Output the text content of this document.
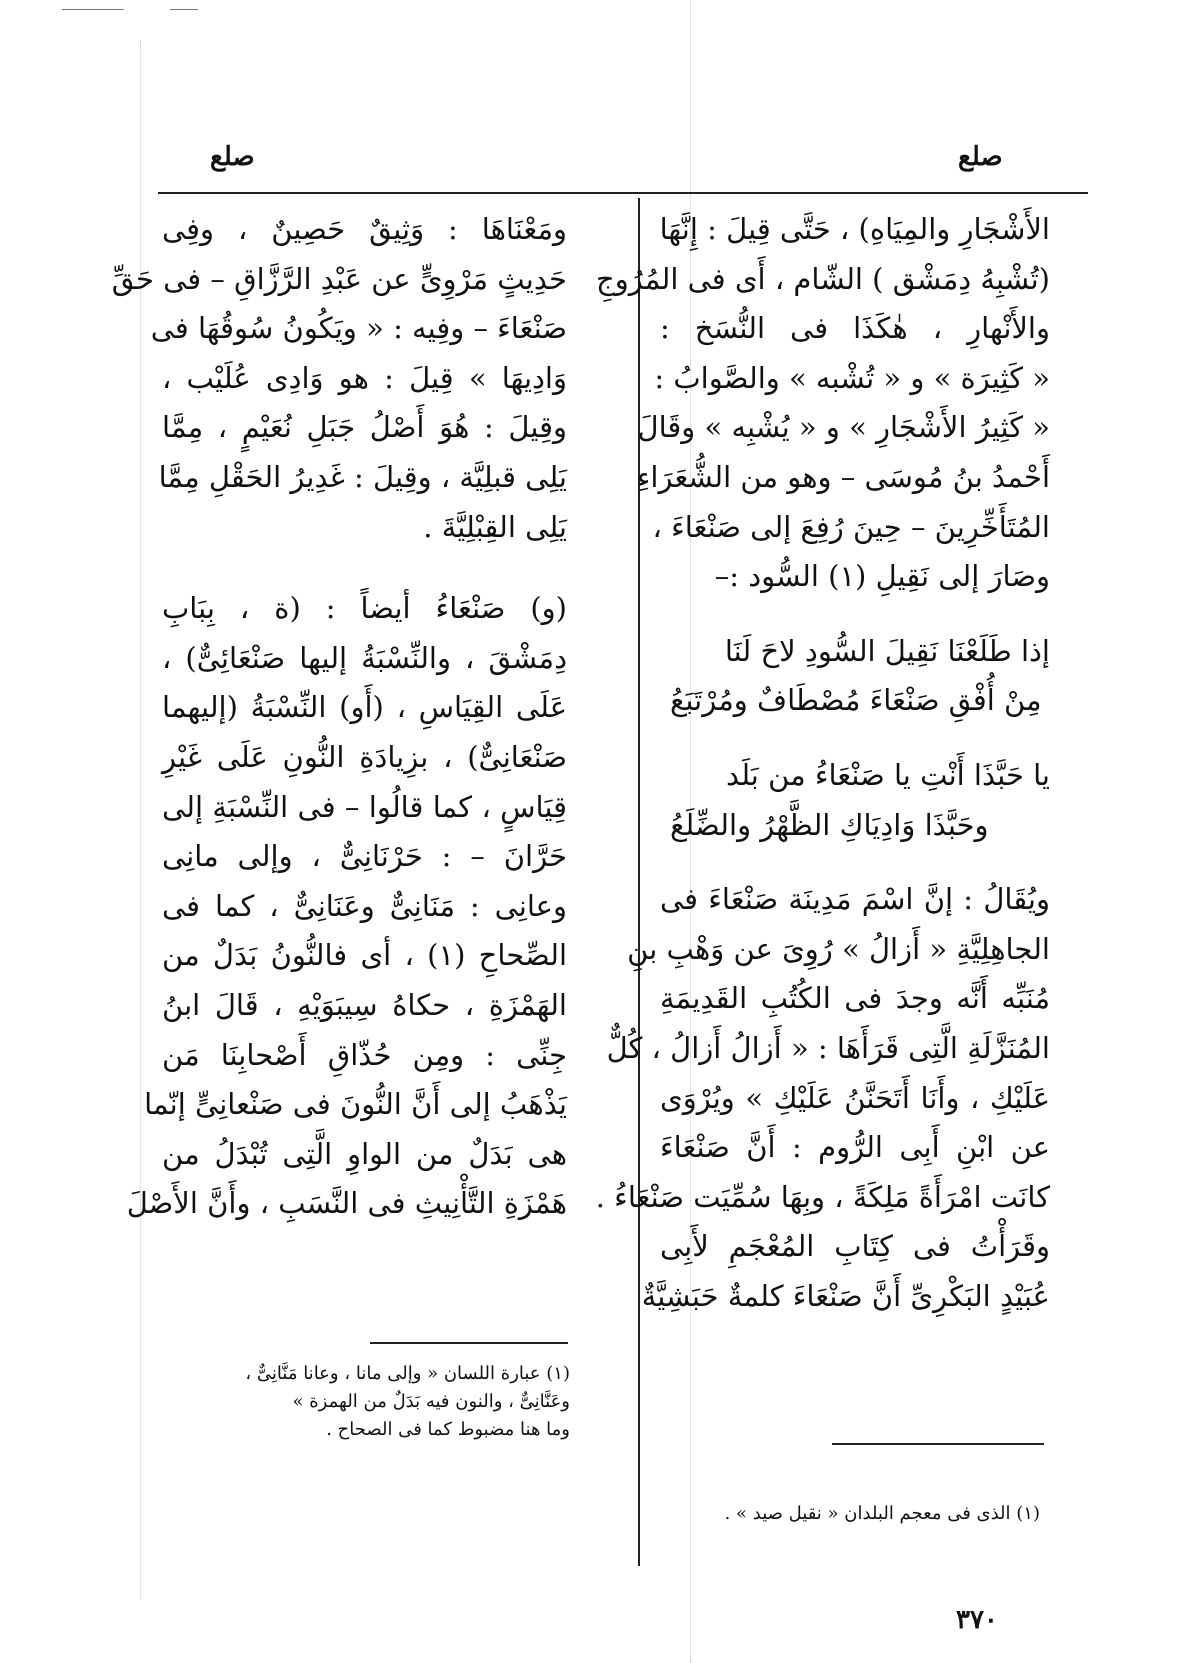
صلع	صلع
الأَشْجَارِ والمِيَاهِ) ، حَتَّى قِيلَ : إِنَّهَا
(تُشْبِهُ دِمَشْق ) الشّام ، أَى فى المُرُوجِ
والأَنْهارِ ، هٰكَذَا فى النُّسَخ :
« كَثِيرَة » و « تُشْبه » والصَّوابُ :
« كَثِيرُ الأَشْجَارِ » و « يُشْبِه » وقَالَ
أَحْمدُ بنُ مُوسَى – وهو من الشُّعَرَاءِ
المُتَأَخِّرِينَ – حِينَ رُفِعَ إلى صَنْعَاءَ ،
وصَارَ إلى نَقِيلِ (١) السُّود :–
إذا طَلَعْنَا نَقِيلَ السُّودِ لاحَ لَنَا
مِنْ أُفْقِ صَنْعَاءَ مُصْطَافٌ ومُرْتَبَعُ
يا حَبَّذَا أَنْتِ يا صَنْعَاءُ من بَلَد
وحَبَّذَا وَادِيَاكِ الظَّهْرُ والضِّلَعُ
ويُقَالُ : إنَّ اسْمَ مَدِينَة صَنْعَاءَ فى
الجاهِلِيَّةِ « أَزالُ » رُوِىَ عن وَهْبِ بنِ
مُنَبِّه أَنَّه وجدَ فى الكُتُبِ القَدِيمَةِ
المُنَزَّلَةِ الَّتِى قَرَأَهَا : « أَزالُ أَزالُ ، كُلٌّ
عَلَيْكِ ، وأَنَا أَتَحَنَّنُ عَلَيْكِ » ويُرْوَى
عن ابْنِ أَبِى الرُّوم : أَنَّ صَنْعَاءَ
كانَت امْرَأَةً مَلِكَةً ، وبِهَا سُمِّيَت صَنْعَاءُ .
وقَرَأْتُ فى كِتَابِ المُعْجَمِ لأَبِى
عُبَيْدٍ البَكْرِىِّ أَنَّ صَنْعَاءَ كلمةٌ حَبَشِيَّةٌ
(١) الذى فى معجم البلدان « نقيل صيد » .
ومَعْنَاهَا : وَثِيقٌ حَصِينٌ ، وفِى
حَدِيثٍ مَرْوِىٍّ عن عَبْدِ الرَّزَّاقِ – فى حَقِّ
صَنْعَاءَ – وفِيه : « ويَكُونُ سُوقُهَا فى
وَادِيهَا » قِيلَ : هو وَادِى عُلَيْب ،
وقِيلَ : هُوَ أَصْلُ جَبَلِ نُعَيْمٍ ، مِمَّا
يَلِى قبلِيَّة ، وقِيلَ : غَدِيرُ الحَقْلِ مِمَّا
يَلِى القِبْلِيَّةَ .
(و) صَنْعَاءُ أيضاً : (ة ، بِبَابِ
دِمَشْقَ ، والنِّسْبَةُ إليها صَنْعَائِىٌّ) ،
عَلَى القِيَاسِ ، (أَو) النِّسْبَةُ (إليهما
صَنْعَانِىٌّ) ، بزِيادَةِ النُّونِ عَلَى غَيْرِ
قِيَاسٍ ، كما قالُوا – فى النِّسْبَةِ إلى
حَرَّانَ – : حَرْنَانِىٌّ ، وإلى مانِى
وعانِى : مَنَانِىٌّ وعَنَانِىٌّ ، كما فى
الصِّحاحِ (١) ، أى فالنُّونُ بَدَلٌ من
الهَمْزَةِ ، حكاهُ سِيبَوَيْهِ ، قَالَ ابنُ
جِنِّى : ومِن حُذّاقِ أَصْحابِنَا مَن
يَذْهَبُ إلى أَنَّ النُّونَ فى صَنْعانِىٍّ إنّما
هى بَدَلٌ من الواوِ الَّتِى تُبْدَلُ من
هَمْزَةِ التَّأْنِيثِ فى النَّسَبِ ، وأَنَّ الأَصْلَ
(١) عبارة اللسان « وإلى مانا ، وعانا مَنَّانِىٌّ ،
وعَنَّانِىٌّ ، والنون فيه بَدَلٌ من الهمزة »
وما هنا مضبوط كما فى الصحاح .
٣٧٠
